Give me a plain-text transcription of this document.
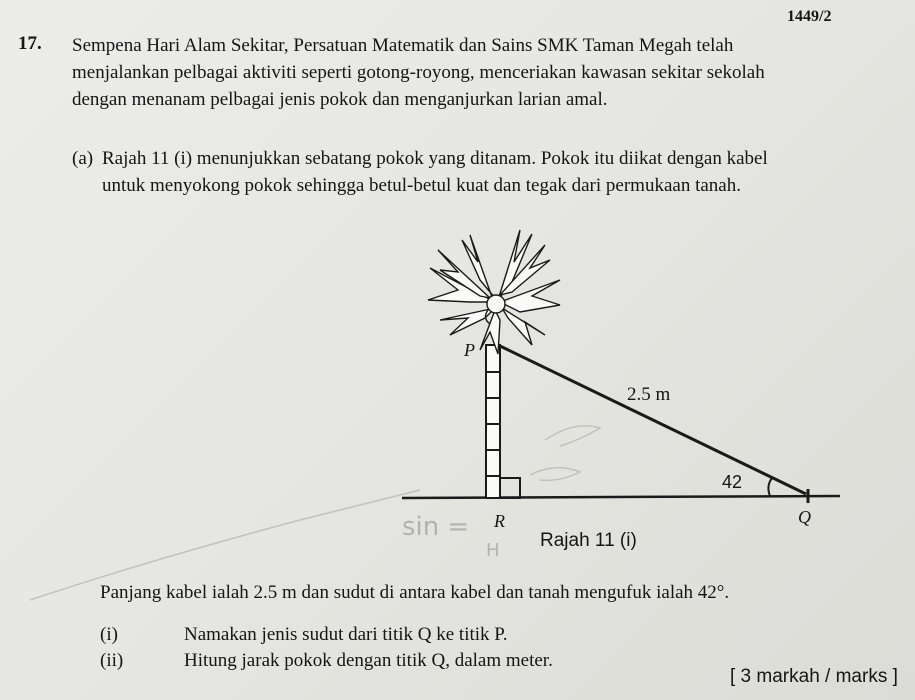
1449/2
17. Sempena Hari Alam Sekitar, Persatuan Matematik dan Sains SMK Taman Megah telah
menjalankan pelbagai aktiviti seperti gotong-royong, menceriakan kawasan sekitar sekolah
dengan menanam pelbagai jenis pokok dan menganjurkan larian amal.
(a) Rajah 11 (i) menunjukkan sebatang pokok yang ditanam. Pokok itu diikat dengan kabel
untuk menyokong pokok sehingga betul-betul kuat dan tegak dari permukaan tanah.
P
2.5 m
42
R	Q
sin =
H Rajah 11 (i)
Panjang kabel ialah 2.5 m dan sudut di antara kabel dan tanah mengufuk ialah 42°.
(i)	Namakan jenis sudut dari titik Q ke titik P.
(ii)	Hitung jarak pokok dengan titik Q, dalam meter.
[ 3 markah / marks ]
